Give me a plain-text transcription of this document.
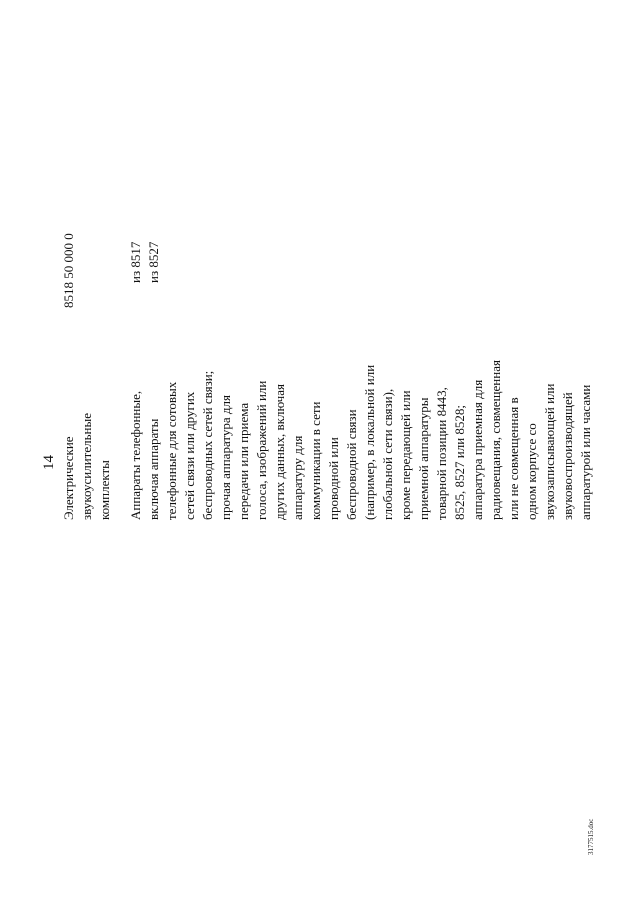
14 Электрические звукоусилительные комплекты
8518 50 000 0
Аппараты телефонные, включая аппараты телефонные для сотовых сетей связи или других беспроводных сетей связи; прочая аппаратура для передачи или приема голоса, изображений или других данных, включая аппаратуру для коммуникации в сети проводной или беспроводной связи (например, в локальной или глобальной сети связи), кроме передающей или приемной аппаратуры товарной позиции 8443, 8525, 8527 или 8528; аппаратура приемная для радиовещания, совмещенная или не совмещенная в одном корпусе со звукозаписывающей или звуковоспроизводящей аппаратурой или часами
из 8517 из 8527
3177515.doc
